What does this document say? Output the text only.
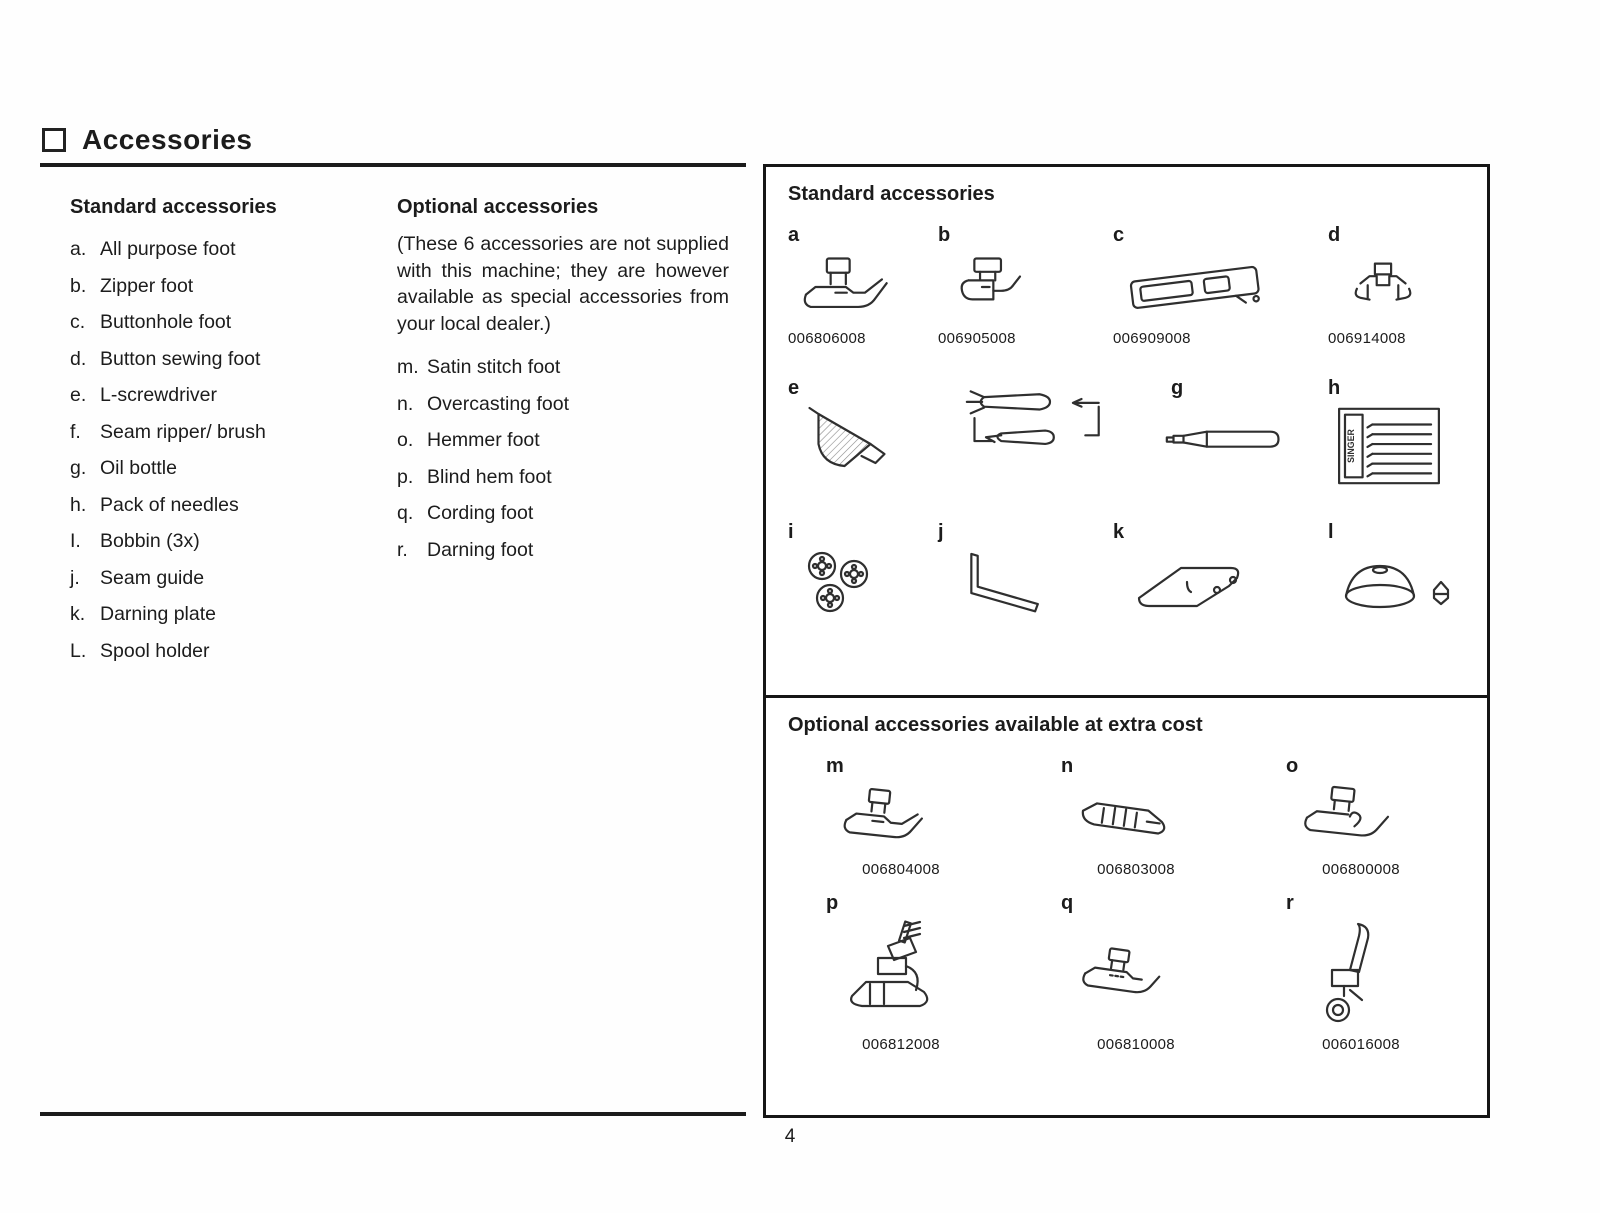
Accessories
Standard accessories
a. All purpose foot
b. Zipper foot
c. Buttonhole foot
d. Button sewing foot
e. L-screwdriver
f. Seam ripper/ brush
g. Oil bottle
h. Pack of needles
I. Bobbin (3x)
j.	Seam guide
k. Darning plate
L. Spool holder
Optional accessories

(These 6 accessories are not supplied with this machine; they are however available as special accessories from your local dealer.)

m. Satin stitch foot
n. Overcasting foot
o. Hemmer foot
p. Blind hem foot
q. Cording foot
r. Darning foot
Standard accessories
a
006806008
b
006905008
c
006909008
d
006914008
e	g	h
SINGER
i	j	k	l
Optional accessories available at extra cost
m
006804008
n
006803008
o
006800008
p
006812008
q
006810008
r
006016008
4
